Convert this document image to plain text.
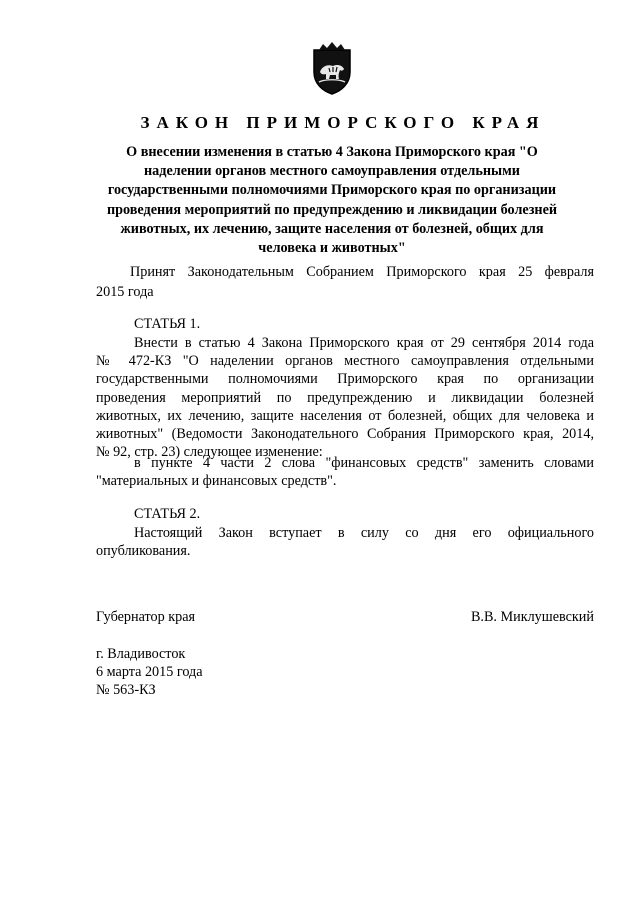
ЗАКОН ПРИМОРСКОГО КРАЯ
О внесении изменения в статью 4 Закона Приморского края "О
наделении органов местного самоуправления отдельными
государственными полномочиями Приморского края по организации
проведения мероприятий по предупреждению и ликвидации болезней
животных, их лечению, защите населения от болезней, общих для
человека и животных"
Принят Законодательным Собранием Приморского края 25 февраля
2015 года

СТАТЬЯ 1.

Внести в статью 4 Закона Приморского края от 29 сентября 2014 года
№ 472-КЗ "О наделении органов местного самоуправления отдельными
государственными полномочиями Приморского края по организации
проведения мероприятий по предупреждению и ликвидации болезней
животных, их лечению, защите населения от болезней, общих для человека и
животных" (Ведомости Законодательного Собрания Приморского края, 2014,
№ 92, стр. 23) следующее изменение:
в пункте 4 части 2 слова "финансовых средств" заменить словами
"материальных и финансовых средств".

СТАТЬЯ 2.

Настоящий Закон вступает в силу со дня его официального
опубликования.
Губернатор края	В.В. Миклушевский
г. Владивосток
6 марта 2015 года
№ 563-КЗ
